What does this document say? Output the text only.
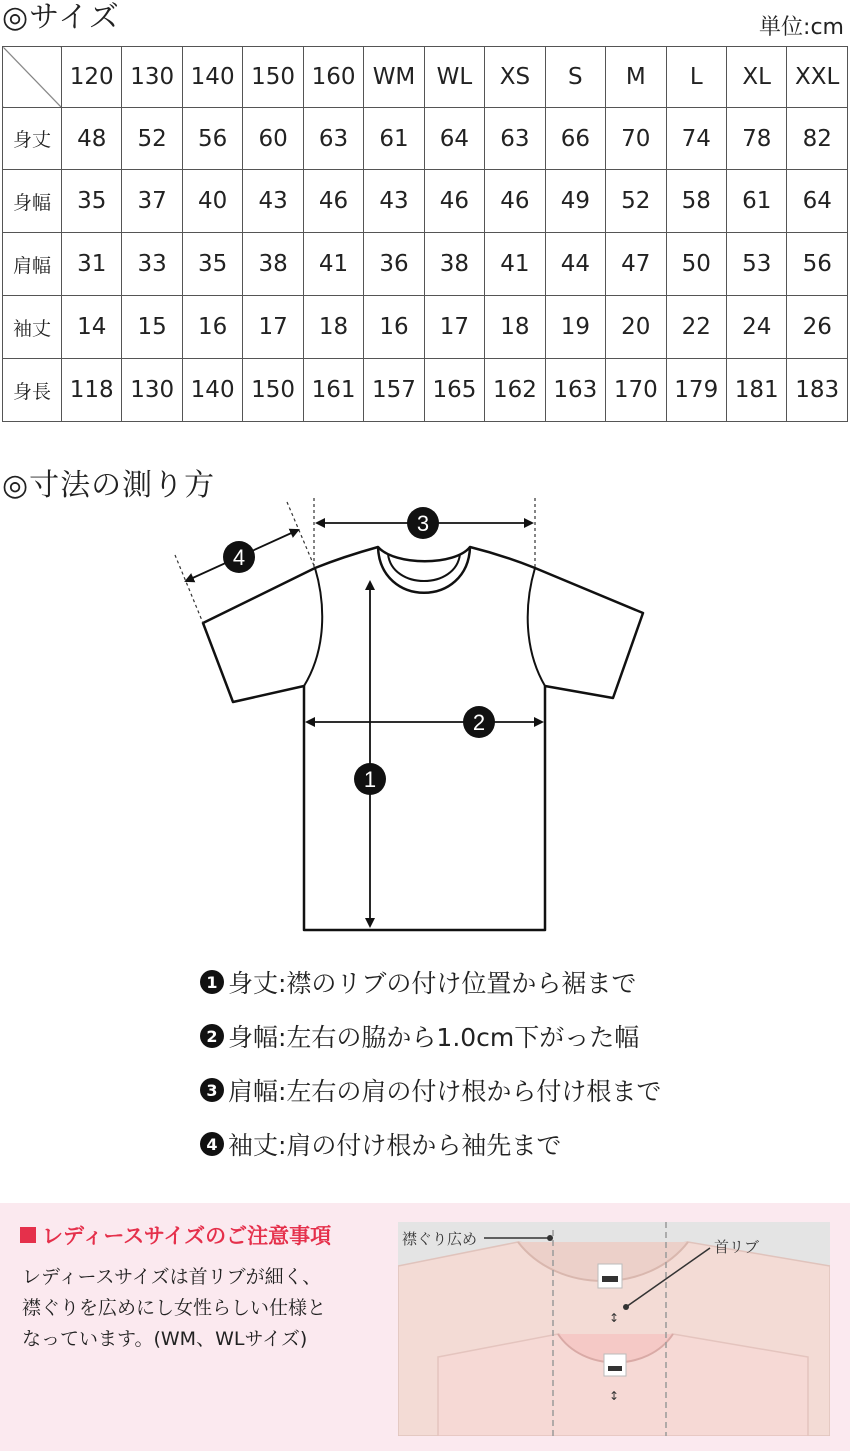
◎サイズ	単位:cm
	120	130	140	150	160	WM	WL	XS	S	M	L	XL	XXL
身丈	48	52	56	60	63	61	64	63	66	70	74	78	82
身幅	35	37	40	43	46	43	46	46	49	52	58	61	64
肩幅	31	33	35	38	41	36	38	41	44	47	50	53	56
袖丈	14	15	16	17	18	16	17	18	19	20	22	24	26
身長	118	130	140	150	161	157	165	162	163	170	179	181	183
◎寸法の測り方
3
4
2
1
1 身丈:襟のリブの付け位置から裾まで
2 身幅:左右の脇から1.0cm下がった幅
3 肩幅:左右の肩の付け根から付け根まで
4 袖丈:肩の付け根から袖先まで
レディースサイズのご注意事項
レディースサイズは首リブが細く、
襟ぐりを広めにし女性らしい仕様と
なっています。(WM、WLサイズ)
↕
↕
襟ぐり広め	首リブ
